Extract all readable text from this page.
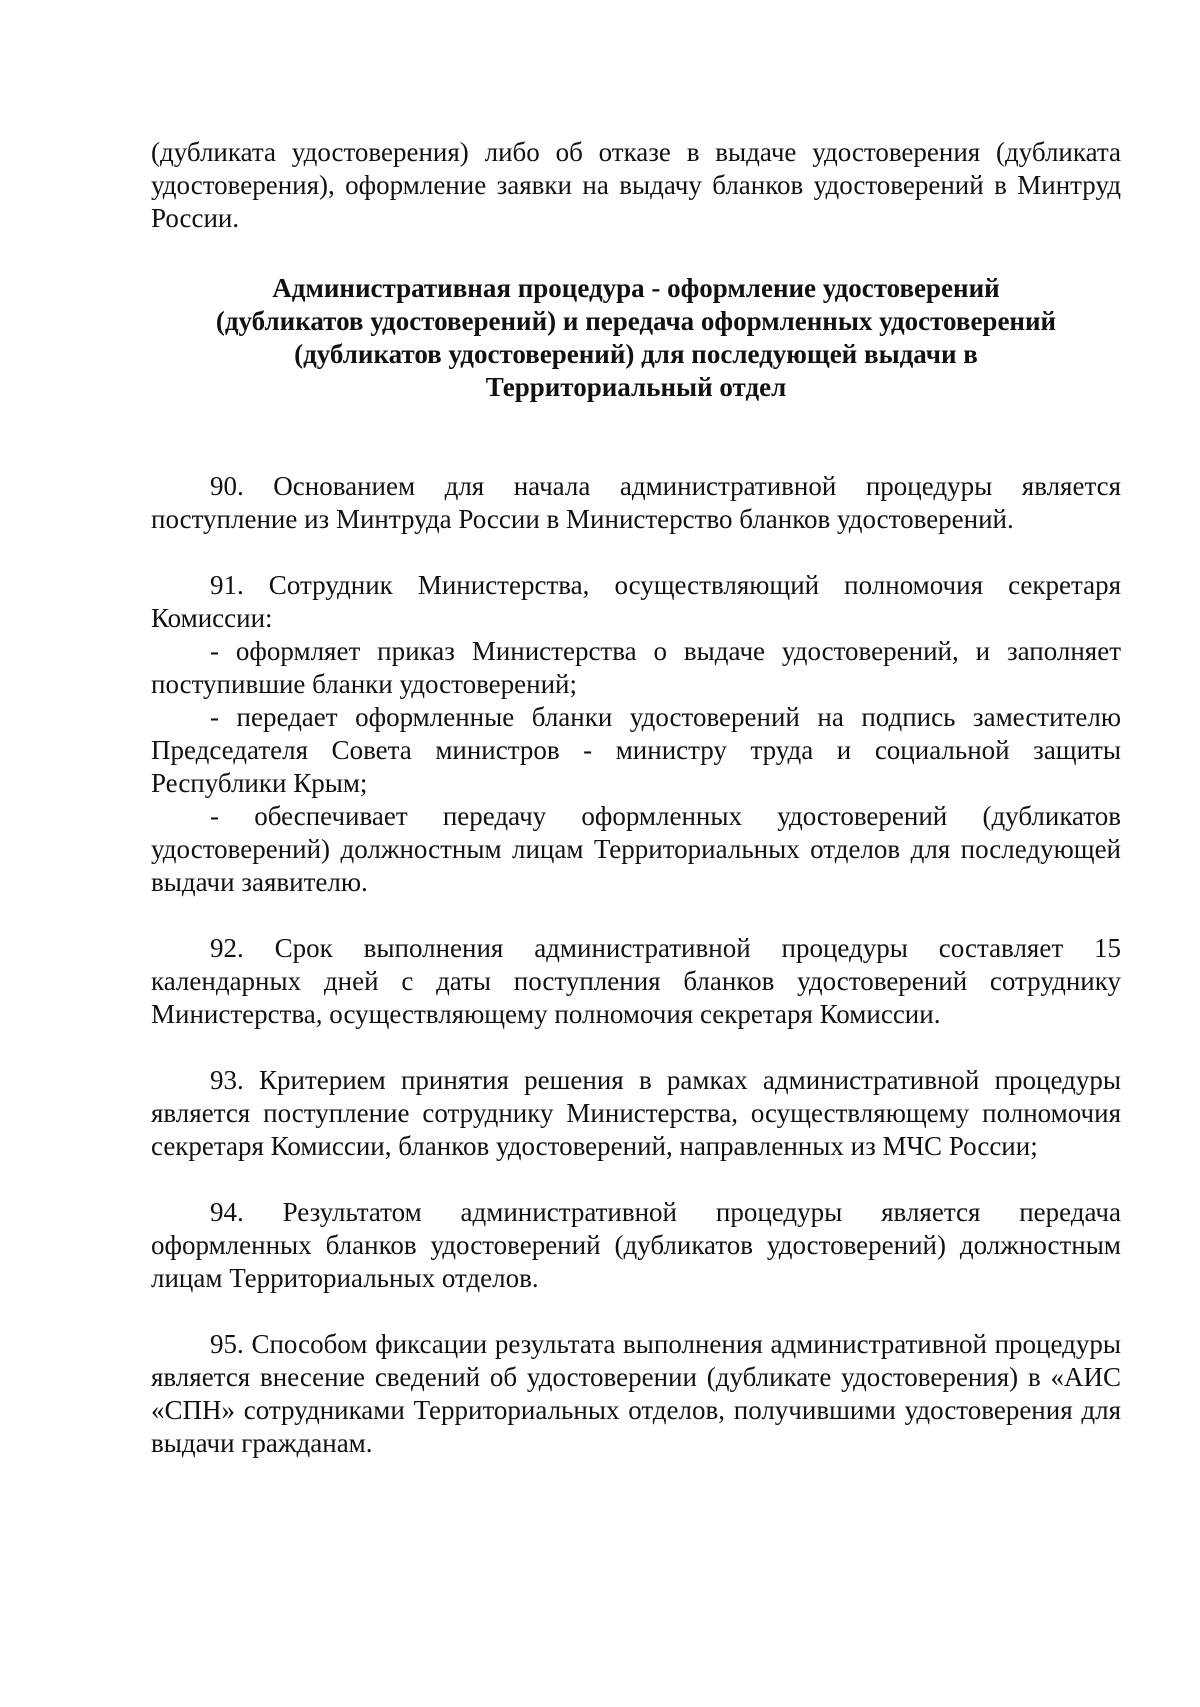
(дубликата удостоверения) либо об отказе в выдаче удостоверения (дубликата удостоверения), оформление заявки на выдачу бланков удостоверений в Минтруд России.

Административная процедура - оформление удостоверений
(дубликатов удостоверений) и передача оформленных удостоверений
(дубликатов удостоверений) для последующей выдачи в
Территориальный отдел

90. Основанием для начала административной процедуры является поступление из Минтруда России в Министерство бланков удостоверений.

91. Сотрудник Министерства, осуществляющий полномочия секретаря Комиссии:

- оформляет приказ Министерства о выдаче удостоверений, и заполняет поступившие бланки удостоверений;

- передает оформленные бланки удостоверений на подпись заместителю Председателя Совета министров - министру труда и социальной защиты Республики Крым;

- обеспечивает передачу оформленных удостоверений (дубликатов удостоверений) должностным лицам Территориальных отделов для последующей выдачи заявителю.

92. Срок выполнения административной процедуры составляет 15 календарных дней с даты поступления бланков удостоверений сотруднику Министерства, осуществляющему полномочия секретаря Комиссии.

93. Критерием принятия решения в рамках административной процедуры является поступление сотруднику Министерства, осуществляющему полномочия секретаря Комиссии, бланков удостоверений, направленных из МЧС России;

94. Результатом административной процедуры является передача оформленных бланков удостоверений (дубликатов удостоверений) должностным лицам Территориальных отделов.

95. Способом фиксации результата выполнения административной процедуры является внесение сведений об удостоверении (дубликате удостоверения) в «АИС «СПН» сотрудниками Территориальных отделов, получившими удостоверения для выдачи гражданам.
